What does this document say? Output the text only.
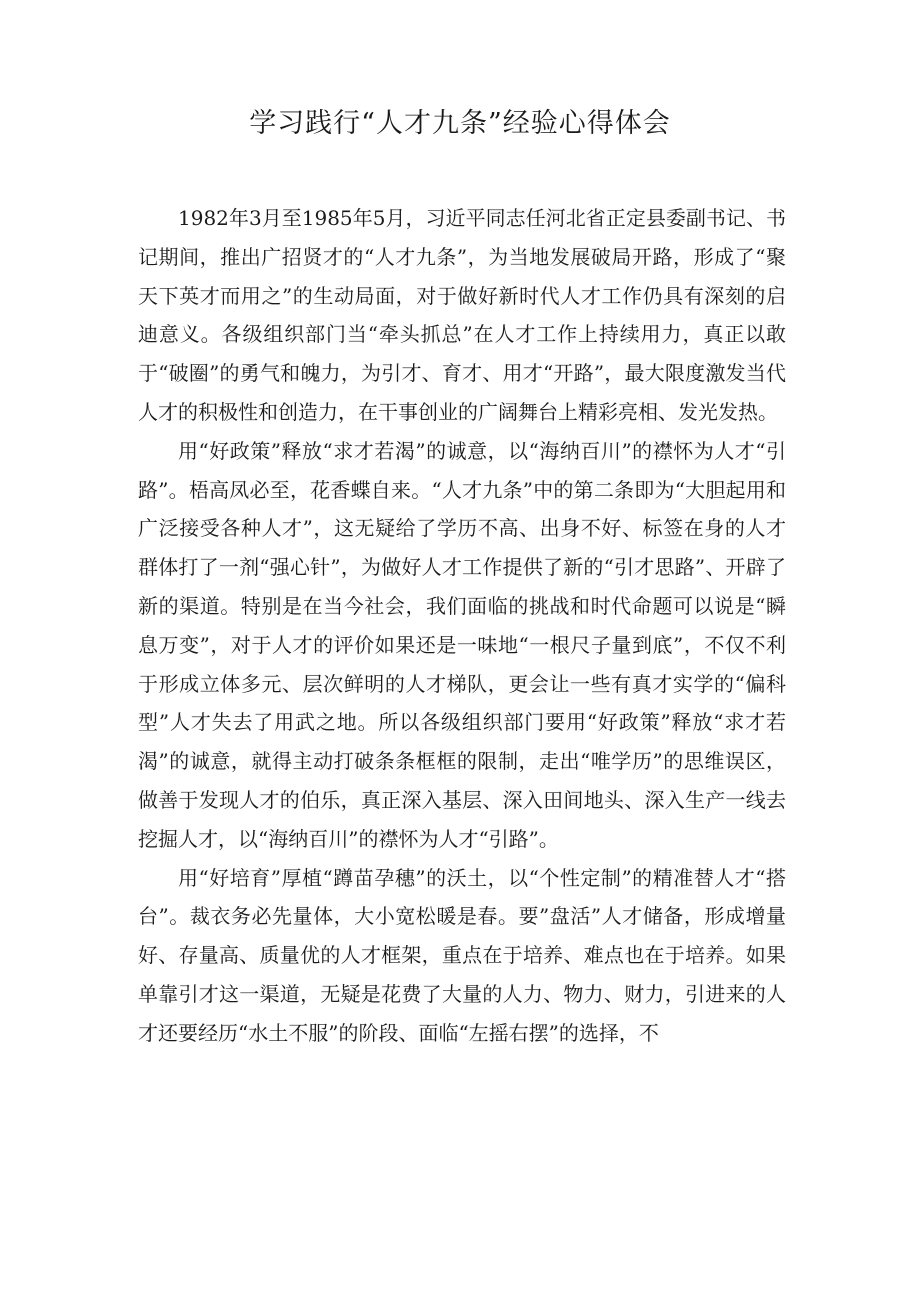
学习践行“人才九条”经验心得体会

1982年3月至1985年5月，习近平同志任河北省正定县委副书记、书记期间，推出广招贤才的“人才九条”，为当地发展破局开路，形成了“聚天下英才而用之”的生动局面，对于做好新时代人才工作仍具有深刻的启迪意义。各级组织部门当“牵头抓总”在人才工作上持续用力，真正以敢于“破圈”的勇气和魄力，为引才、育才、用才“开路”，最大限度激发当代人才的积极性和创造力，在干事创业的广阔舞台上精彩亮相、发光发热。

用“好政策”释放“求才若渴”的诚意，以“海纳百川”的襟怀为人才“引路”。梧高凤必至，花香蝶自来。“人才九条”中的第二条即为“大胆起用和广泛接受各种人才”，这无疑给了学历不高、出身不好、标签在身的人才群体打了一剂“强心针”，为做好人才工作提供了新的“引才思路”、开辟了新的渠道。特别是在当今社会，我们面临的挑战和时代命题可以说是“瞬息万变”，对于人才的评价如果还是一味地“一根尺子量到底”，不仅不利于形成立体多元、层次鲜明的人才梯队，更会让一些有真才实学的“偏科型”人才失去了用武之地。所以各级组织部门要用“好政策”释放“求才若渴”的诚意，就得主动打破条条框框的限制，走出“唯学历”的思维误区，做善于发现人才的伯乐，真正深入基层、深入田间地头、深入生产一线去挖掘人才，以“海纳百川”的襟怀为人才“引路”。

用“好培育”厚植“蹲苗孕穗”的沃土，以“个性定制”的精准替人才“搭台”。裁衣务必先量体，大小宽松暖是春。要”盘活”人才储备，形成增量好、存量高、质量优的人才框架，重点在于培养、难点也在于培养。如果单靠引才这一渠道，无疑是花费了大量的人力、物力、财力，引进来的人才还要经历“水土不服”的阶段、面临“左摇右摆”的选择，不
